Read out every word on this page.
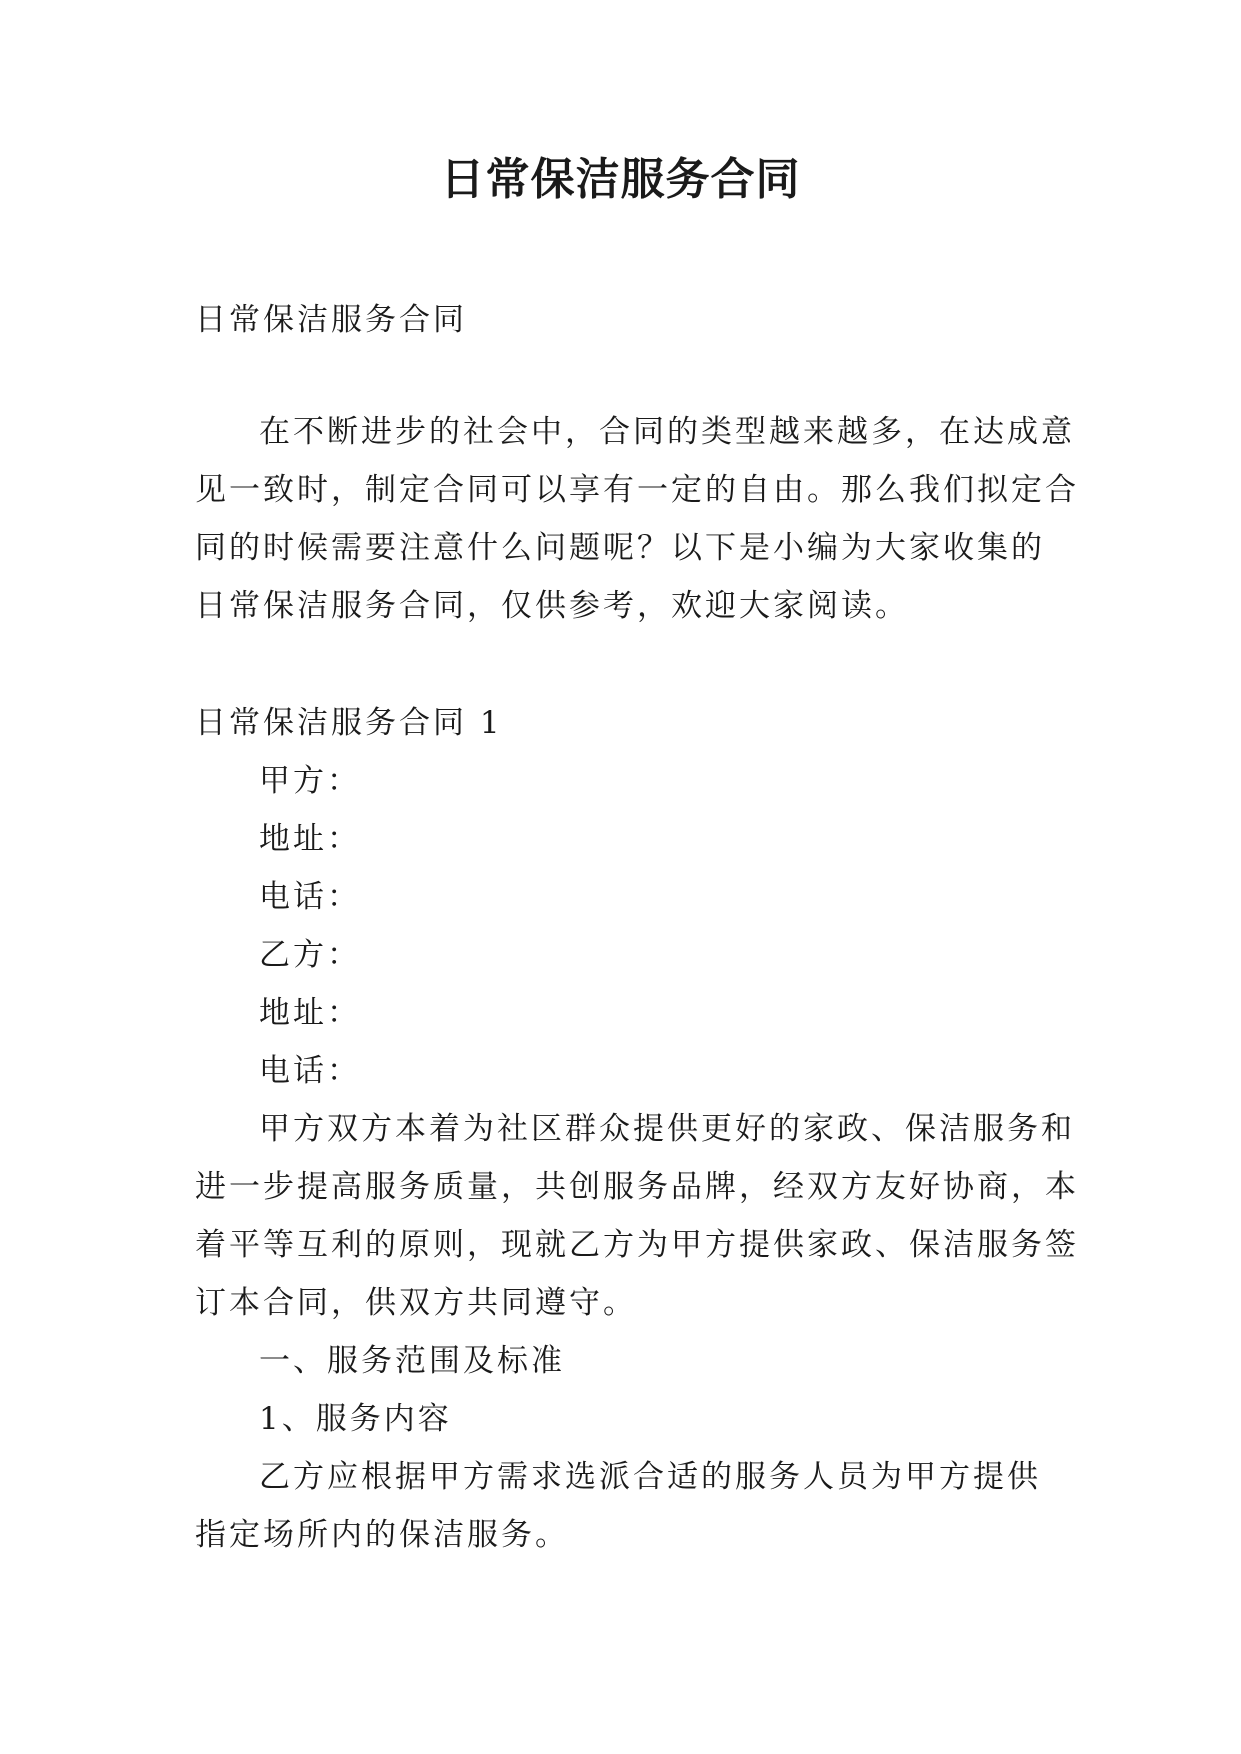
日常保洁服务合同
日常保洁服务合同
在不断进步的社会中，合同的类型越来越多，在达成意
见一致时，制定合同可以享有一定的自由。那么我们拟定合
同的时候需要注意什么问题呢？以下是小编为大家收集的
日常保洁服务合同，仅供参考，欢迎大家阅读。
日常保洁服务合同 1
甲方：
地址：
电话：
乙方：
地址：
电话：
甲方双方本着为社区群众提供更好的家政、保洁服务和
进一步提高服务质量，共创服务品牌，经双方友好协商，本
着平等互利的原则，现就乙方为甲方提供家政、保洁服务签
订本合同，供双方共同遵守。
一、服务范围及标准
1、服务内容
乙方应根据甲方需求选派合适的服务人员为甲方提供
指定场所内的保洁服务。
